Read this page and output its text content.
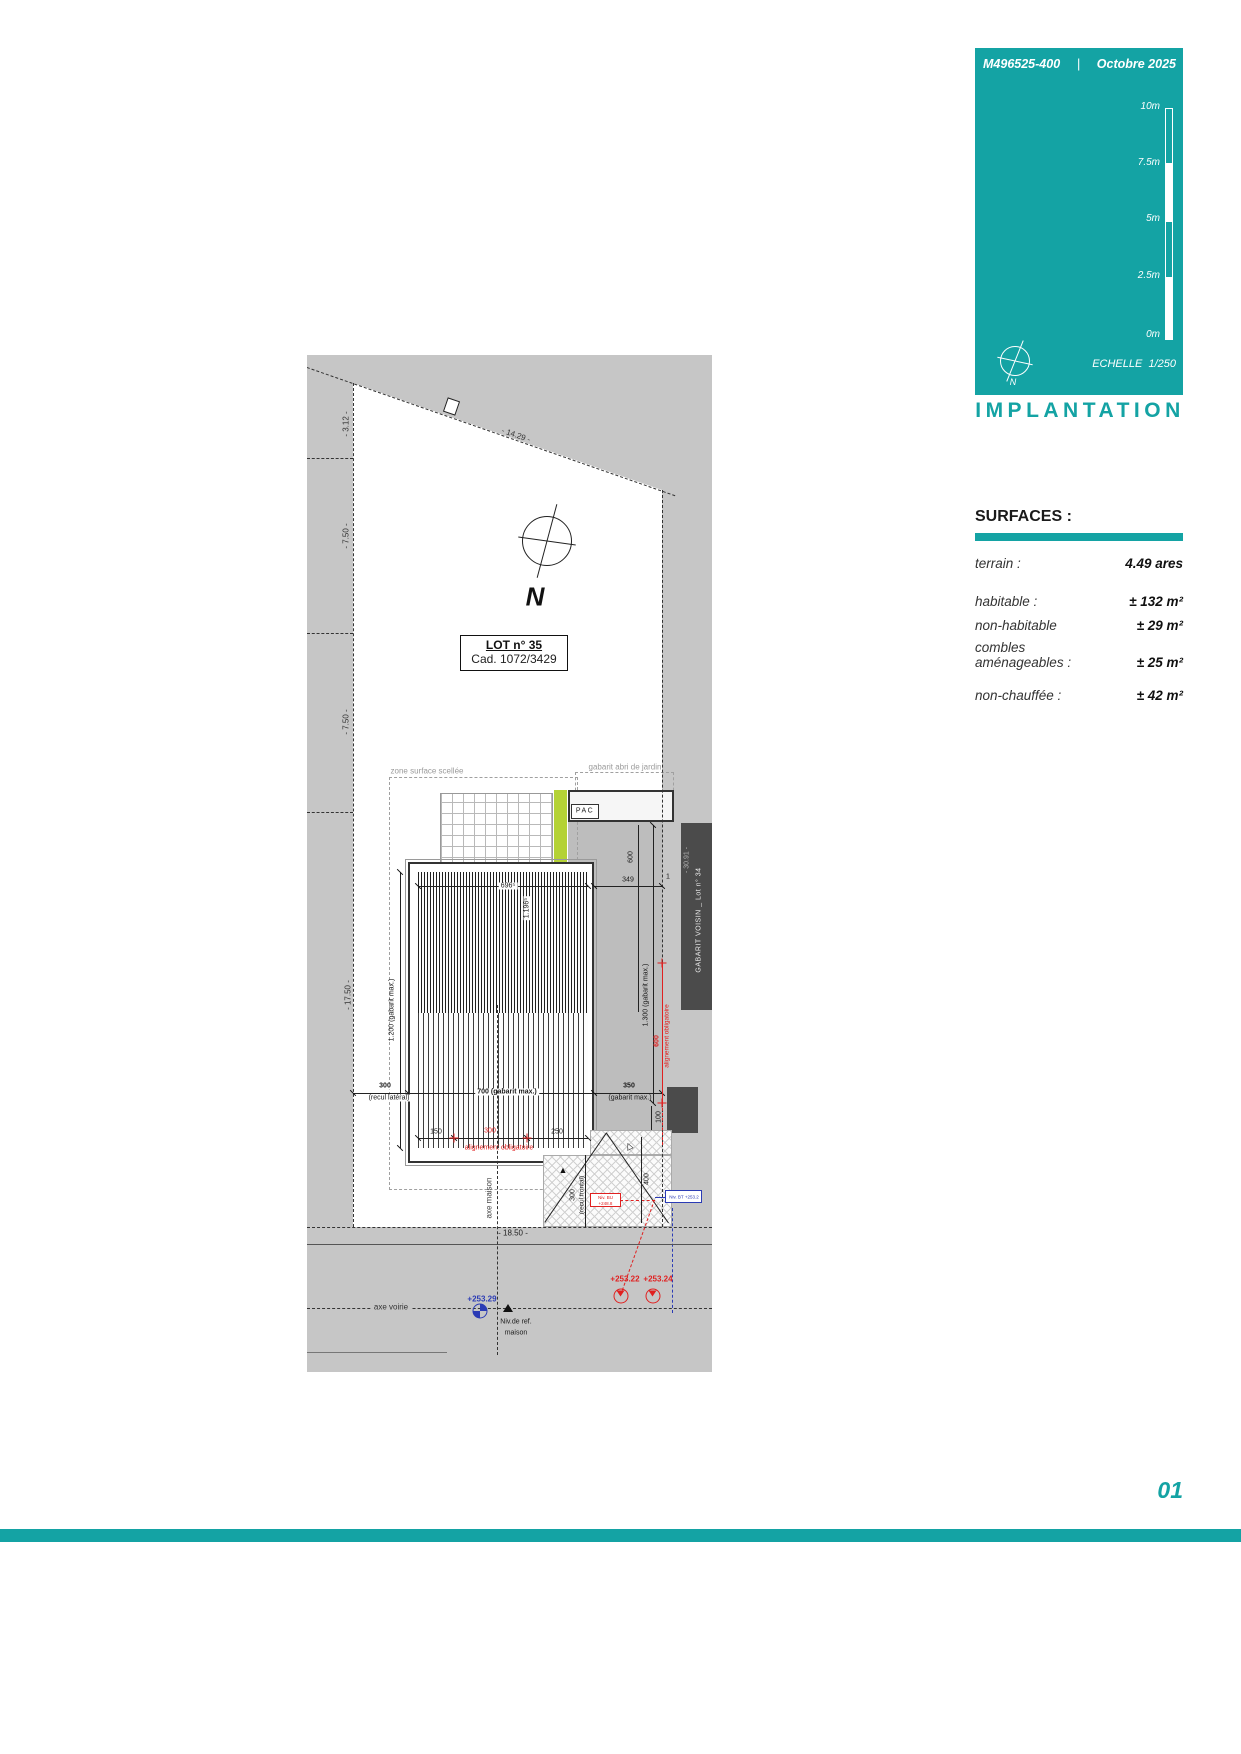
PAC
▲
△
- 14.29 -
- 3.12 -
- 7.50 -
- 7.50 -
- 17.50 -
- 18.50 -
- 30.91 -
GABARIT VOISIN _ Lot n° 34
N
LOT n° 35
Cad. 1072/3429
zone surface scellée	gabarit abri de jardin
696⁵
349	1
600
1.196⁵
1.200 (gabarit max.)	1.300 (gabarit max.)
300
(recul latéral)
700 (gabarit max.)
350
(gabarit max.)
100
150	300	250
alignement obligatoire
600 alignement obligatoire
Niv. BU
+248.8
+253.22 +253.24
Niv. BT +253.2
+253.29
Niv.de ref.
maison
axe maison
axe voirie
300 (recul frontal)	400
M496525-400 | Octobre 2025
10m
7.5m
5m
2.5m
0m
N
ECHELLE 1/250
IMPLANTATION
SURFACES :
terrain :	4.49 ares
habitable :	± 132 m²
non-habitable	± 29 m²
combles aménageables :	± 25 m²
non-chauffée :	± 42 m²
01
